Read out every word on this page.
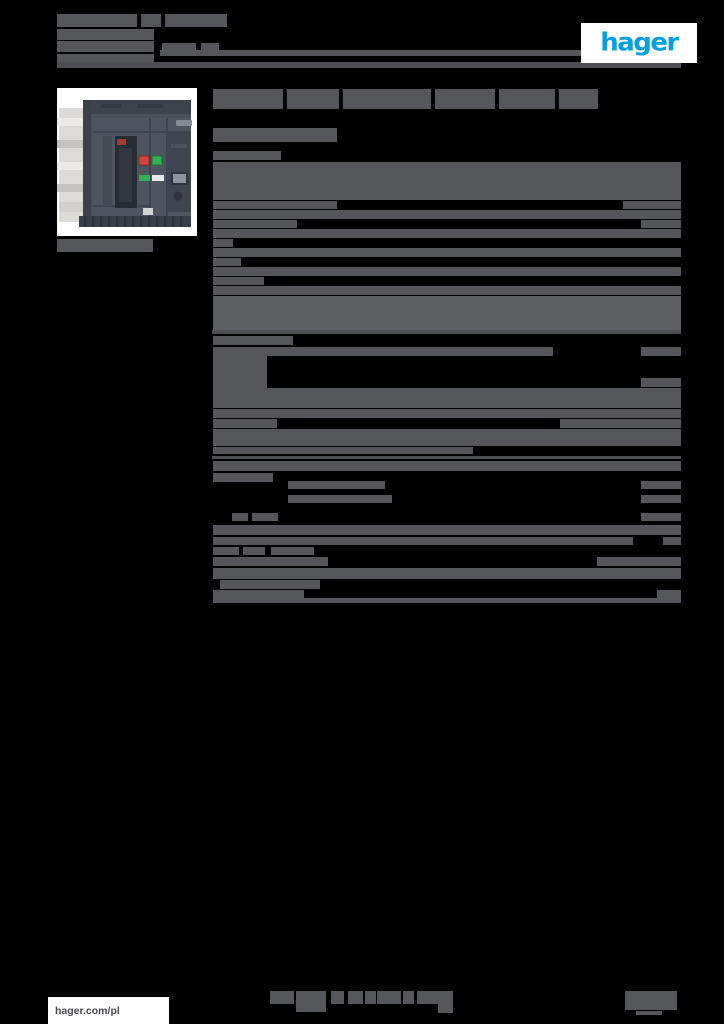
hager
hager.com/pl
